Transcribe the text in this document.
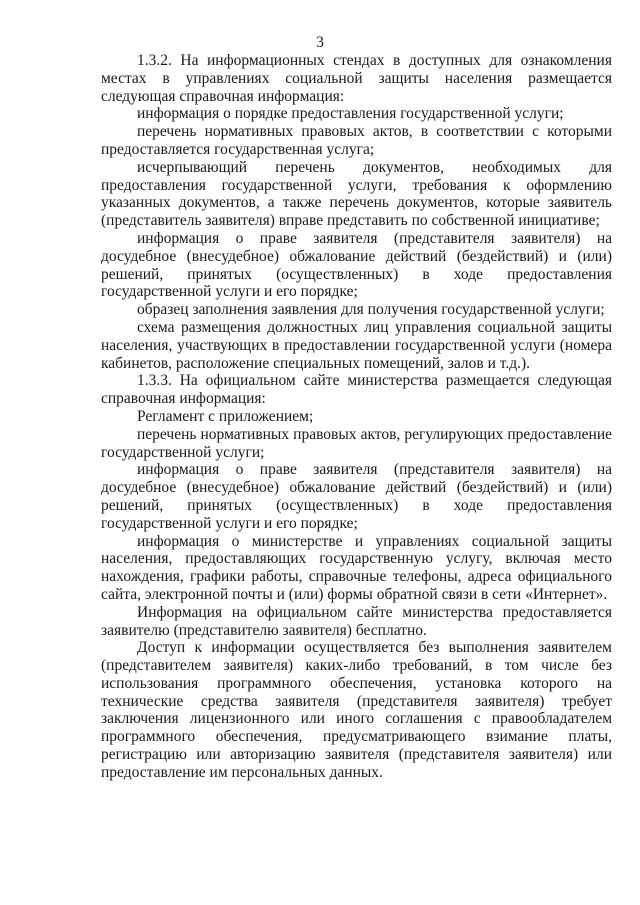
3

1.3.2. На информационных стендах в доступных для ознакомления местах в управлениях социальной защиты населения размещается следующая справочная информация:

информация о порядке предоставления государственной услуги;

перечень нормативных правовых актов, в соответствии с которыми предоставляется государственная услуга;

исчерпывающий перечень документов, необходимых для предоставления государственной услуги, требования к оформлению указанных документов, а также перечень документов, которые заявитель (представитель заявителя) вправе представить по собственной инициативе;

информация о праве заявителя (представителя заявителя) на досудебное (внесудебное) обжалование действий (бездействий) и (или) решений, принятых (осуществленных) в ходе предоставления государственной услуги и его порядке;

образец заполнения заявления для получения государственной услуги;

схема размещения должностных лиц управления социальной защиты населения, участвующих в предоставлении государственной услуги (номера кабинетов, расположение специальных помещений, залов и т.д.).

1.3.3. На официальном сайте министерства размещается следующая справочная информация:

Регламент с приложением;

перечень нормативных правовых актов, регулирующих предоставление государственной услуги;

информация о праве заявителя (представителя заявителя) на досудебное (внесудебное) обжалование действий (бездействий) и (или) решений, принятых (осуществленных) в ходе предоставления государственной услуги и его порядке;

информация о министерстве и управлениях социальной защиты населения, предоставляющих государственную услугу, включая место нахождения, графики работы, справочные телефоны, адреса официального сайта, электронной почты и (или) формы обратной связи в сети «Интернет».

Информация на официальном сайте министерства предоставляется заявителю (представителю заявителя) бесплатно.

Доступ к информации осуществляется без выполнения заявителем (представителем заявителя) каких-либо требований, в том числе без использования программного обеспечения, установка которого на технические средства заявителя (представителя заявителя) требует заключения лицензионного или иного соглашения с правообладателем программного обеспечения, предусматривающего взимание платы, регистрацию или авторизацию заявителя (представителя заявителя) или предоставление им персональных данных.
